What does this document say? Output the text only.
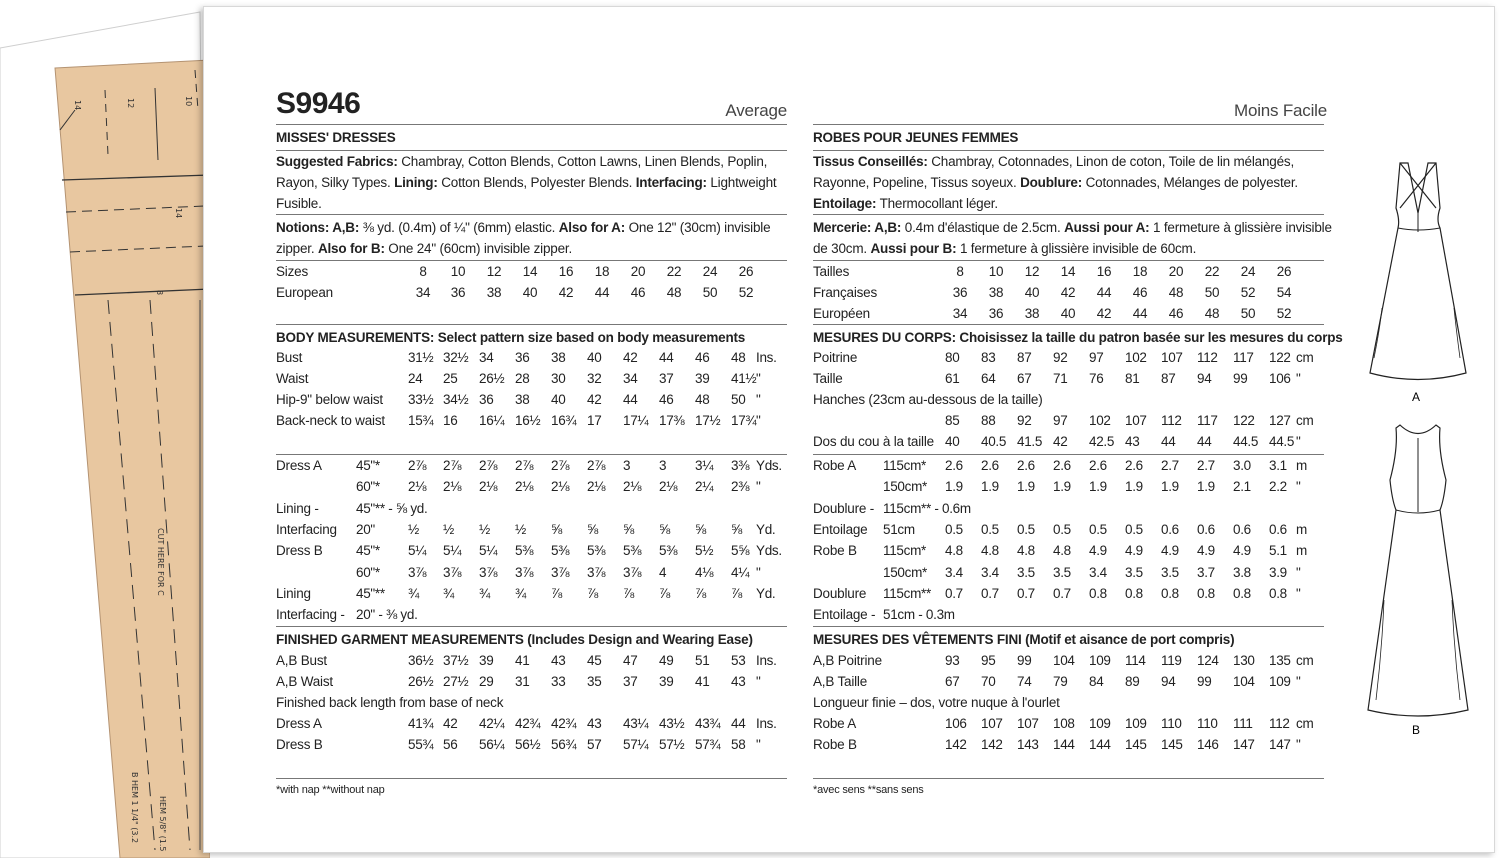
14	12	10
14
8
CUT HERE FOR C
B HEM 1 1/4" (3.2 HEM 5/8" (1.5
S9946	Average
MISSES' DRESSES
Suggested Fabrics: Chambray, Cotton Blends, Cotton Lawns, Linen Blends, Poplin,
Rayon, Silky Types. Lining: Cotton Blends, Polyester Blends. Interfacing: Lightweight
Fusible.
Notions: A,B: ⅜ yd. (0.4m) of ¼" (6mm) elastic. Also for A: One 12" (30cm) invisible
zipper. Also for B: One 24" (60cm) invisible zipper.
Sizes	8	10	12	14	16	18	20	22	24	26
European	34	36	38	40	42	44	46	48	50	52
BODY MEASUREMENTS: Select pattern size based on body measurements
Bust	31½ 32½ 34	36	38	40	42	44	46	48 Ins.
Waist	24	25	26½ 28	30	32	34	37	39	41½ "
Hip-9" below waist 33½ 34½ 36	38	40	42	44	46	48	50 "
Back-neck to waist 15¾ 16	16¼ 16½ 16¾ 17	17¼ 17⅜ 17½ 17¾ "
Dress A	45"* 2⅞	2⅞	2⅞	2⅞	2⅞	2⅞	3	3	3¼	3⅜ Yds.
60"* 2⅛	2⅛	2⅛	2⅛	2⅛	2⅛	2⅛	2⅛	2¼	2⅜ "
Lining -	45"** - ⅝ yd.
Interfacing 20" ½	½	½	½	⅝	⅝	⅝	⅝	⅝	⅝	Yd.
Dress B 45"* 5¼	5¼	5¼	5⅜	5⅜	5⅜	5⅜	5⅜	5½	5⅝ Yds.
60"* 3⅞	3⅞	3⅞	3⅞	3⅞	3⅞	3⅞	4	4⅛	4¼ "
Lining	45"** ¾	¾	¾	¾	⅞	⅞	⅞	⅞	⅞	⅞	Yd.
Interfacing - 20" - ⅜ yd.
FINISHED GARMENT MEASUREMENTS (Includes Design and Wearing Ease)
A,B Bust	36½ 37½ 39	41	43	45	47	49	51	53 Ins.
A,B Waist	26½ 27½ 29	31	33	35	37	39	41	43 "
Finished back length from base of neck
Dress A	41¾ 42	42¼ 42¾ 42¾ 43	43¼ 43½ 43¾ 44 Ins.
Dress B	55¾ 56	56¼ 56½ 56¾ 57	57¼ 57½ 57¾ 58 "
*with nap **without nap
Moins Facile
ROBES POUR JEUNES FEMMES
Tissus Conseillés: Chambray, Cotonnades, Linon de coton, Toile de lin mélangés,
Rayonne, Popeline, Tissus soyeux. Doublure: Cotonnades, Mélanges de polyester.
Entoilage: Thermocollant léger.
Mercerie: A,B: 0.4m d'élastique de 2.5cm. Aussi pour A: 1 fermeture à glissière invisible
de 30cm. Aussi pour B: 1 fermeture à glissière invisible de 60cm.
Tailles	8	10	12	14	16	18	20	22	24	26
Françaises	36	38	40	42	44	46	48	50	52	54
Européen	34	36	38	40	42	44	46	48	50	52
MESURES DU CORPS: Choisissez la taille du patron basée sur les mesures du corps
Poitrine	80	83	87	92	97	102	107	112	117	122 cm
Taille	61	64	67	71	76	81	87	94	99	106 "
Hanches (23cm au-dessous de la taille)
85	88	92	97	102	107	112	117	122	127 cm
Dos du cou à la taille 40	40.5 41.5 42	42.5 43	44	44	44.5 44.5 "
Robe A 115cm* 2.6	2.6	2.6	2.6	2.6	2.6	2.7	2.7	3.0	3.1 m
150cm* 1.9	1.9	1.9	1.9	1.9	1.9	1.9	1.9	2.1	2.2 "
Doublure - 115cm** - 0.6m
Entoilage 51cm 0.5	0.5	0.5	0.5	0.5	0.5	0.6	0.6	0.6	0.6 m
Robe B 115cm* 4.8	4.8	4.8	4.8	4.9	4.9	4.9	4.9	4.9	5.1 m
150cm* 3.4	3.4	3.5	3.5	3.4	3.5	3.5	3.7	3.8	3.9 "
Doublure 115cm** 0.7	0.7	0.7	0.7	0.8	0.8	0.8	0.8	0.8	0.8 "
Entoilage - 51cm - 0.3m
MESURES DES VÊTEMENTS FINI (Motif et aisance de port compris)
A,B Poitrine	93	95	99	104	109	114	119	124	130	135 cm
A,B Taille	67	70	74	79	84	89	94	99	104	109 "
Longueur finie – dos, votre nuque à l'ourlet
Robe A	106	107	107	108	109	109	110	110	111	112 cm
Robe B	142	142	143	144	144	145	145	146	147	147 "
*avec sens **sans sens
A
B
